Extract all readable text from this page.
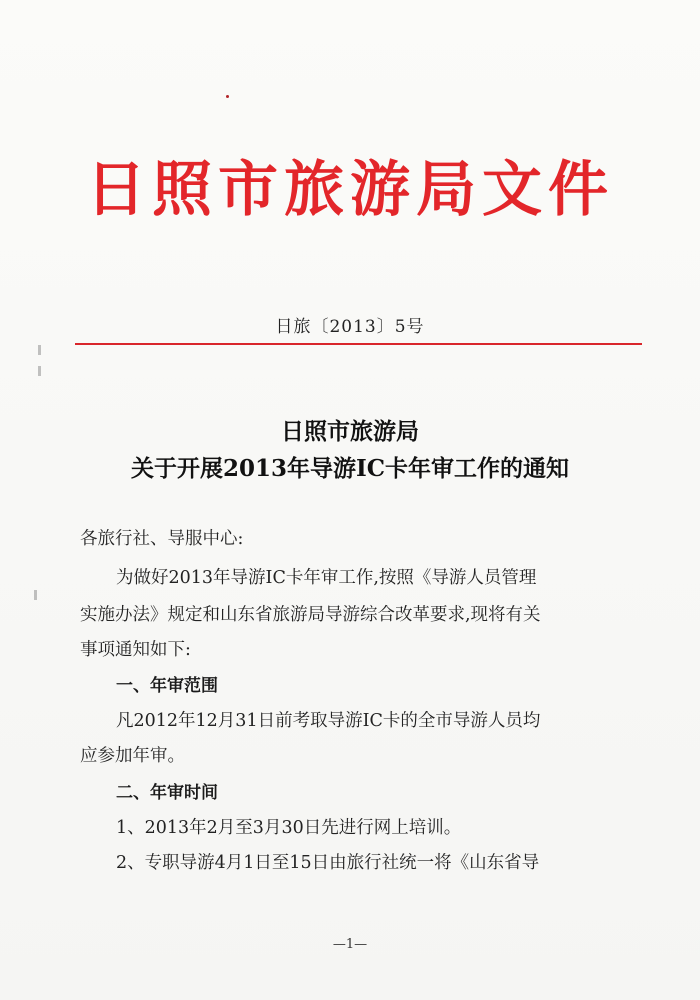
日照市旅游局文件
日旅〔2013〕5号
日照市旅游局
关于开展2013年导游IC卡年审工作的通知
各旅行社、导服中心:
为做好2013年导游IC卡年审工作,按照《导游人员管理
实施办法》规定和山东省旅游局导游综合改革要求,现将有关
事项通知如下:
一、年审范围
凡2012年12月31日前考取导游IC卡的全市导游人员均
应参加年审。
二、年审时间
1、2013年2月至3月30日先进行网上培训。
2、专职导游4月1日至15日由旅行社统一将《山东省导
—1—
